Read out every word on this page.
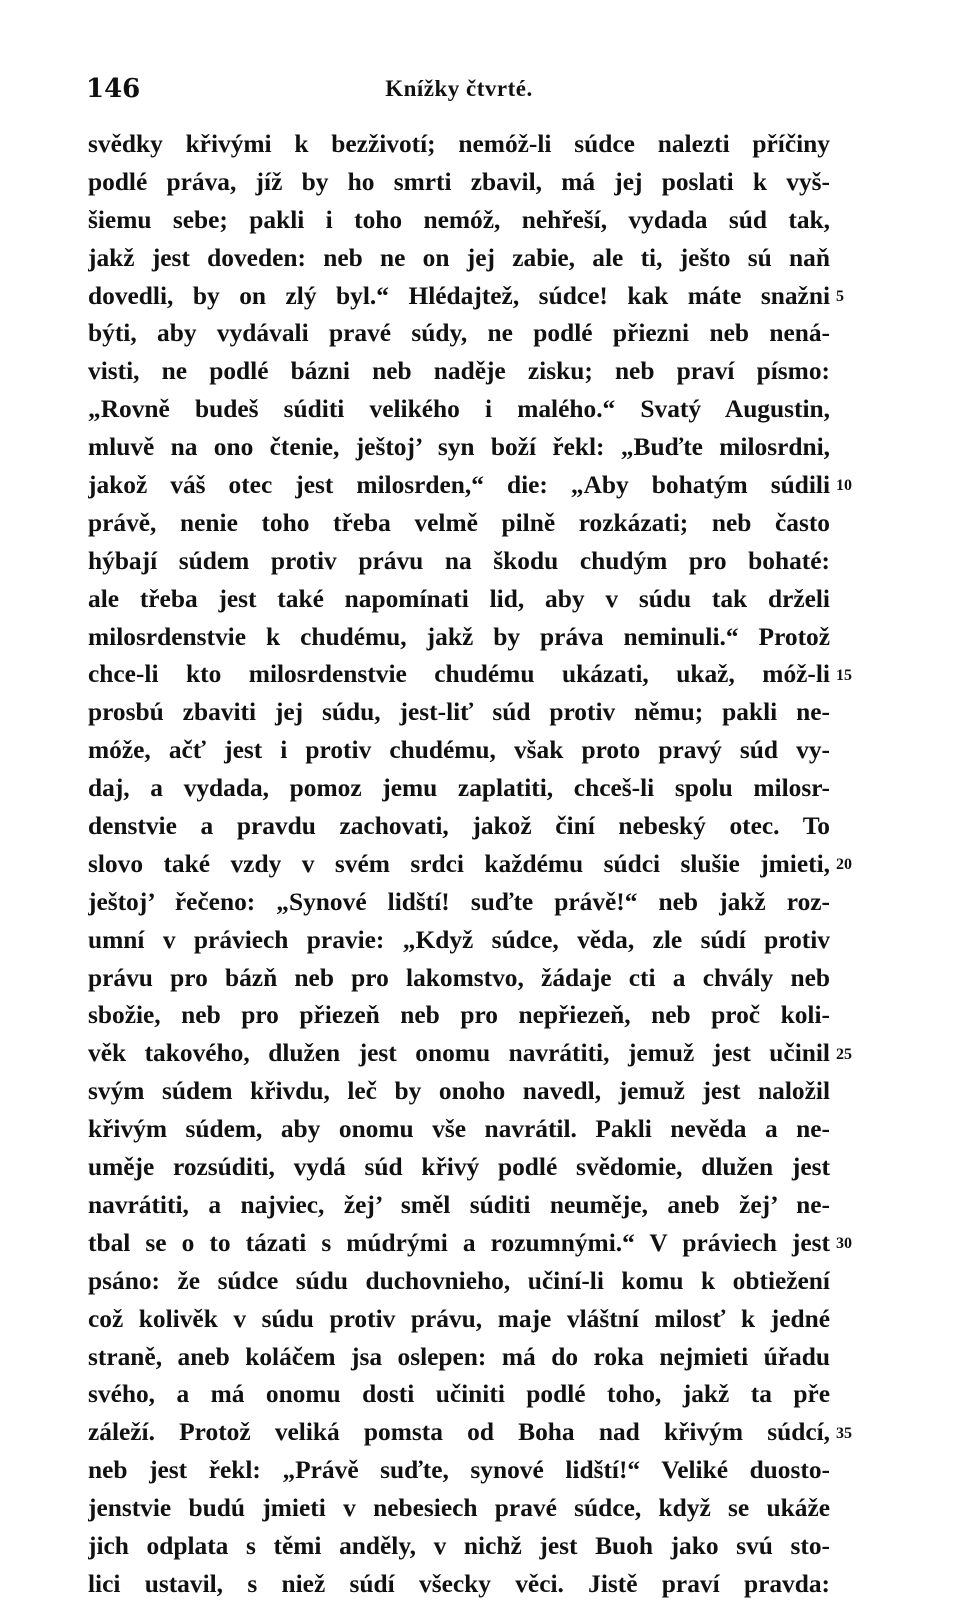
146	Knížky čtvrté.
svědky křivými k bezživotí; nemóž-li súdce nalezti příčiny
podlé práva, jíž by ho smrti zbavil, má jej poslati k vyš-
šiemu sebe; pakli i toho nemóž, nehřeší, vydada súd tak,
jakž jest doveden: neb ne on jej zabie, ale ti, ješto sú naň
dovedli, by on zlý byl.“ Hlédajtež, súdce! kak máte snažni
býti, aby vydávali pravé súdy, ne podlé přiezni neb nená-
visti, ne podlé bázni neb naděje zisku; neb praví písmo:
„Rovně budeš súditi velikého i malého.“ Svatý Augustin,
mluvě na ono čtenie, ještoj’ syn boží řekl: „Buďte milosrdni,
jakož váš otec jest milosrden,“ die: „Aby bohatým súdili
právě, nenie toho třeba velmě pilně rozkázati; neb často
hýbají súdem protiv právu na škodu chudým pro bohaté:
ale třeba jest také napomínati lid, aby v súdu tak drželi
milosrdenstvie k chudému, jakž by práva neminuli.“ Protož
chce-li kto milosrdenstvie chudému ukázati, ukaž, móž-li
prosbú zbaviti jej súdu, jest-liť súd protiv němu; pakli ne-
móže, ačť jest i protiv chudému, však proto pravý súd vy-
daj, a vydada, pomoz jemu zaplatiti, chceš-li spolu milosr-
denstvie a pravdu zachovati, jakož činí nebeský otec. To
slovo také vzdy v svém srdci každému súdci slušie jmieti,
ještoj’ řečeno: „Synové lidští! suďte právě!“ neb jakž roz-
umní v práviech pravie: „Když súdce, věda, zle súdí protiv
právu pro bázň neb pro lakomstvo, žádaje cti a chvály neb
sbožie, neb pro přiezeň neb pro nepřiezeň, neb proč koli-
věk takového, dlužen jest onomu navrátiti, jemuž jest učinil
svým súdem křivdu, leč by onoho navedl, jemuž jest naložil
křivým súdem, aby onomu vše navrátil. Pakli nevěda a ne-
uměje rozsúditi, vydá súd křivý podlé svědomie, dlužen jest
navrátiti, a najviec, žej’ směl súditi neuměje, aneb žej’ ne-
tbal se o to tázati s múdrými a rozumnými.“ V práviech jest
psáno: že súdce súdu duchovnieho, učiní-li komu k obtiežení
což kolivěk v súdu protiv právu, maje vláštní milosť k jedné
straně, aneb koláčem jsa oslepen: má do roka nejmieti úřadu
svého, a má onomu dosti učiniti podlé toho, jakž ta pře
záleží. Protož veliká pomsta od Boha nad křivým súdcí,
neb jest řekl: „Právě suďte, synové lidští!“ Veliké duosto-
jenstvie budú jmieti v nebesiech pravé súdce, když se ukáže
jich odplata s těmi anděly, v nichž jest Buoh jako svú sto-
lici ustavil, s niež súdí všecky věci. Jistě praví pravda:
5
10
15
20
25
30
35
